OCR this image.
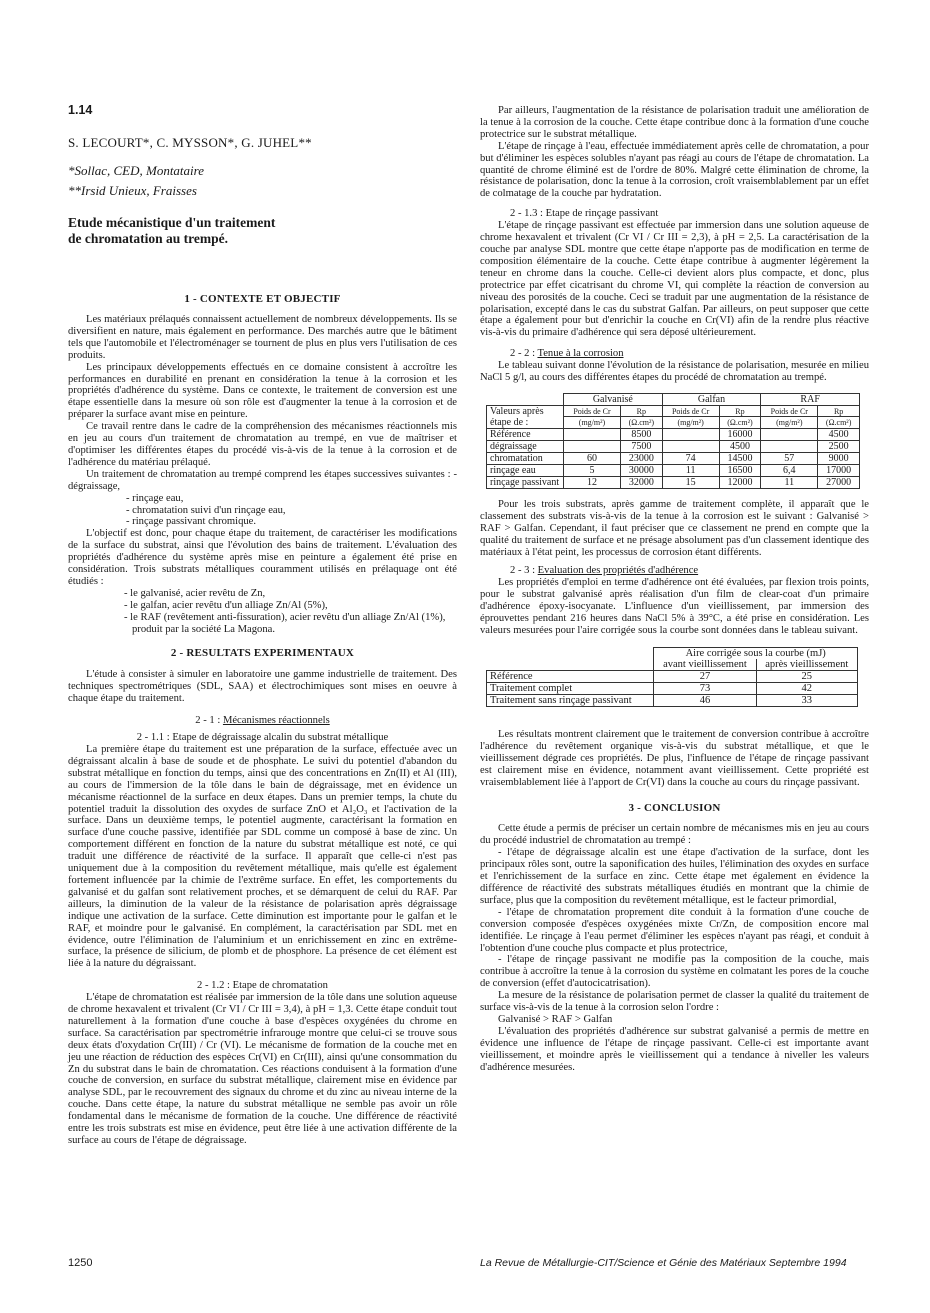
1.14
S. LECOURT*, C. MYSSON*, G. JUHEL**
*Sollac, CED, Montataire
**Irsid Unieux, Fraisses
Etude mécanistique d'un traitement
de chromatation au trempé.
1 - CONTEXTE ET OBJECTIF

Les matériaux prélaqués connaissent actuellement de nombreux développements. Ils se diversifient en nature, mais également en performance. Des marchés autre que le bâtiment tels que l'automobile et l'électroménager se tournent de plus en plus vers l'utilisation de ces produits.

Les principaux développements effectués en ce domaine consistent à accroître les performances en durabilité en prenant en considération la tenue à la corrosion et les propriétés d'adhérence du système. Dans ce contexte, le traitement de conversion est une étape essentielle dans la mesure où son rôle est d'augmenter la tenue à la corrosion et de préparer la surface avant mise en peinture.

Ce travail rentre dans le cadre de la compréhension des mécanismes réactionnels mis en jeu au cours d'un traitement de chromatation au trempé, en vue de maîtriser et d'optimiser les différentes étapes du procédé vis-à-vis de la tenue à la corrosion et de l'adhérence du matériau prélaqué.

Un traitement de chromatation au trempé comprend les étapes successives suivantes : - dégraissage,

- rinçage eau,
- chromatation suivi d'un rinçage eau,
- rinçage passivant chromique.

L'objectif est donc, pour chaque étape du traitement, de caractériser les modifications de la surface du substrat, ainsi que l'évolution des bains de traitement. L'évaluation des propriétés d'adhérence du système après mise en peinture a également été prise en considération. Trois substrats métalliques couramment utilisés en prélaquage ont été étudiés :

- le galvanisé, acier revêtu de Zn,
- le galfan, acier revêtu d'un alliage Zn/Al (5%),
- le RAF (revêtement anti-fissuration), acier revêtu d'un alliage Zn/Al (1%), produit par la société La Magona.
2 - RESULTATS EXPERIMENTAUX

L'étude à consister à simuler en laboratoire une gamme industrielle de traitement. Des techniques spectrométriques (SDL, SAA) et électrochimiques sont mises en oeuvre à chaque étape du traitement.

2 - 1 : Mécanismes réactionnels
2 - 1.1 : Etape de dégraissage alcalin du substrat métallique

La première étape du traitement est une préparation de la surface, effectuée avec un dégraissant alcalin à base de soude et de phosphate. Le suivi du potentiel d'abandon du substrat métallique en fonction du temps, ainsi que des concentrations en Zn(II) et Al (III), au cours de l'immersion de la tôle dans le bain de dégraissage, met en évidence un mécanisme réactionnel de la surface en deux étapes. Dans un premier temps, la chute du potentiel traduit la dissolution des oxydes de surface ZnO et Al₂O₃ et l'activation de la surface. Dans un deuxième temps, le potentiel augmente, caractérisant la formation en surface d'une couche passive, identifiée par SDL comme un composé à base de zinc. Un comportement différent en fonction de la nature du substrat métallique est noté, ce qui traduit une différence de réactivité de la surface. Il apparaît que celle-ci n'est pas uniquement due à la composition du revêtement métallique, mais qu'elle est également fortement influencée par la chimie de l'extrême surface. En effet, les comportements du galvanisé et du galfan sont relativement proches, et se démarquent de celui du RAF. Par ailleurs, la diminution de la valeur de la résistance de polarisation après dégraissage indique une activation de la surface. Cette diminution est importante pour le galfan et le RAF, et moindre pour le galvanisé. En complément, la caractérisation par SDL met en évidence, outre l'élimination de l'aluminium et un enrichissement en zinc en extrême-surface, la présence de silicium, de plomb et de phosphore. La présence de cet élément est liée à la nature du dégraissant.

2 - 1.2 : Etape de chromatation

L'étape de chromatation est réalisée par immersion de la tôle dans une solution aqueuse de chrome hexavalent et trivalent (Cr VI / Cr III = 3,4), à pH = 1,3. Cette étape conduit tout naturellement à la formation d'une couche à base d'espèces oxygénées du chrome en surface. Sa caractérisation par spectrométrie infrarouge montre que celui-ci se trouve sous deux états d'oxydation Cr(III) / Cr (VI). Le mécanisme de formation de la couche met en jeu une réaction de réduction des espèces Cr(VI) en Cr(III), ainsi qu'une consommation du Zn du substrat dans le bain de chromatation. Ces réactions conduisent à la formation d'une couche de conversion, en surface du substrat métallique, clairement mise en évidence par analyse SDL, par le recouvrement des signaux du chrome et du zinc au niveau interne de la couche. Dans cette étape, la nature du substrat métallique ne semble pas avoir un rôle fondamental dans le mécanisme de formation de la couche. Une différence de réactivité entre les trois substrats est mise en évidence, peut être liée à une activation différente de la surface au cours de l'étape de dégraissage.

Par ailleurs, l'augmentation de la résistance de polarisation traduit une amélioration de la tenue à la corrosion de la couche. Cette étape contribue donc à la formation d'une couche protectrice sur le substrat métallique.

L'étape de rinçage à l'eau, effectuée immédiatement après celle de chromatation, a pour but d'éliminer les espèces solubles n'ayant pas réagi au cours de l'étape de chromatation. La quantité de chrome éliminé est de l'ordre de 80%. Malgré cette élimination de chrome, la résistance de polarisation, donc la tenue à la corrosion, croît vraisemblablement par un effet de colmatage de la couche par hydratation.

2 - 1.3 : Etape de rinçage passivant

L'étape de rinçage passivant est effectuée par immersion dans une solution aqueuse de chrome hexavalent et trivalent (Cr VI / Cr III = 2,3), à pH = 2,5. La caractérisation de la couche par analyse SDL montre que cette étape n'apporte pas de modification en terme de composition élémentaire de la couche. Cette étape contribue à augmenter légèrement la teneur en chrome dans la couche. Celle-ci devient alors plus compacte, et donc, plus protectrice par effet cicatrisant du chrome VI, qui complète la réaction de conversion au niveau des porosités de la couche. Ceci se traduit par une augmentation de la résistance de polarisation, excepté dans le cas du substrat Galfan. Par ailleurs, on peut supposer que cette étape a également pour but d'enrichir la couche en Cr(VI) afin de la rendre plus réactive vis-à-vis du primaire d'adhérence qui sera déposé ultérieurement.

2 - 2 : Tenue à la corrosion

Le tableau suivant donne l'évolution de la résistance de polarisation, mesurée en milieu NaCl 5 g/l, au cours des différentes étapes du procédé de chromatation au trempé.

	Galvanisé		Galfan		RAF	
Valeurs après	Poids de Cr	Rp	Poids de Cr	Rp	Poids de Cr	Rp
étape de :	(mg/m²)	(Ω.cm²)	(mg/m²)	(Ω.cm²)	(mg/m²)	(Ω.cm²)
Référence		8500		16000		4500
dégraissage		7500		4500		2500
chromatation	60	23000	74	14500	57	9000
rinçage eau	5	30000	11	16500	6,4	17000
rinçage passivant	12	32000	15	12000	11	27000

Pour les trois substrats, après gamme de traitement complète, il apparaît que le classement des substrats vis-à-vis de la tenue à la corrosion est le suivant : Galvanisé > RAF > Galfan. Cependant, il faut préciser que ce classement ne prend en compte que la qualité du traitement de surface et ne présage absolument pas d'un classement identique des matériaux à l'état peint, les processus de corrosion étant différents.

2 - 3 : Evaluation des propriétés d'adhérence

Les propriétés d'emploi en terme d'adhérence ont été évaluées, par flexion trois points, pour le substrat galvanisé après réalisation d'un film de clear-coat d'un primaire d'adhérence époxy-isocyanate. L'influence d'un vieillissement, par immersion des éprouvettes pendant 216 heures dans NaCl 5% à 39°C, a été prise en considération. Les valeurs mesurées pour l'aire corrigée sous la courbe sont données dans le tableau suivant.

	Aire corrigée sous la courbe (mJ)	
	avant vieillissement	après vieillissement
Référence	27	25
Traitement complet	73	42
Traitement sans rinçage passivant	46	33

Les résultats montrent clairement que le traitement de conversion contribue à accroître l'adhérence du revêtement organique vis-à-vis du substrat métallique, et que le vieillissement dégrade ces propriétés. De plus, l'influence de l'étape de rinçage passivant est clairement mise en évidence, notamment avant vieillissement. Cette propriété est vraisemblablement liée à l'apport de Cr(VI) dans la couche au cours du rinçage passivant.

3 - CONCLUSION

Cette étude a permis de préciser un certain nombre de mécanismes mis en jeu au cours du procédé industriel de chromatation au trempé :

- l'étape de dégraissage alcalin est une étape d'activation de la surface, dont les principaux rôles sont, outre la saponification des huiles, l'élimination des oxydes en surface et l'enrichissement de la surface en zinc. Cette étape met également en évidence la différence de réactivité des substrats métalliques étudiés en montrant que la chimie de surface, plus que la composition du revêtement métallique, est le facteur primordial,

- l'étape de chromatation proprement dite conduit à la formation d'une couche de conversion composée d'espèces oxygénées mixte Cr/Zn, de composition encore mal identifiée. Le rinçage à l'eau permet d'éliminer les espèces n'ayant pas réagi, et conduit à l'obtention d'une couche plus compacte et plus protectrice,

- l'étape de rinçage passivant ne modifie pas la composition de la couche, mais contribue à accroître la tenue à la corrosion du système en colmatant les pores de la couche de conversion (effet d'autocicatrisation).

La mesure de la résistance de polarisation permet de classer la qualité du traitement de surface vis-à-vis de la tenue à la corrosion selon l'ordre :

Galvanisé > RAF > Galfan

L'évaluation des propriétés d'adhérence sur substrat galvanisé a permis de mettre en évidence une influence de l'étape de rinçage passivant. Celle-ci est importante avant vieillissement, et moindre après le vieillissement qui a tendance à niveller les valeurs d'adhérence mesurées.

1250	La Revue de Métallurgie-CIT/Science et Génie des Matériaux Septembre 1994
